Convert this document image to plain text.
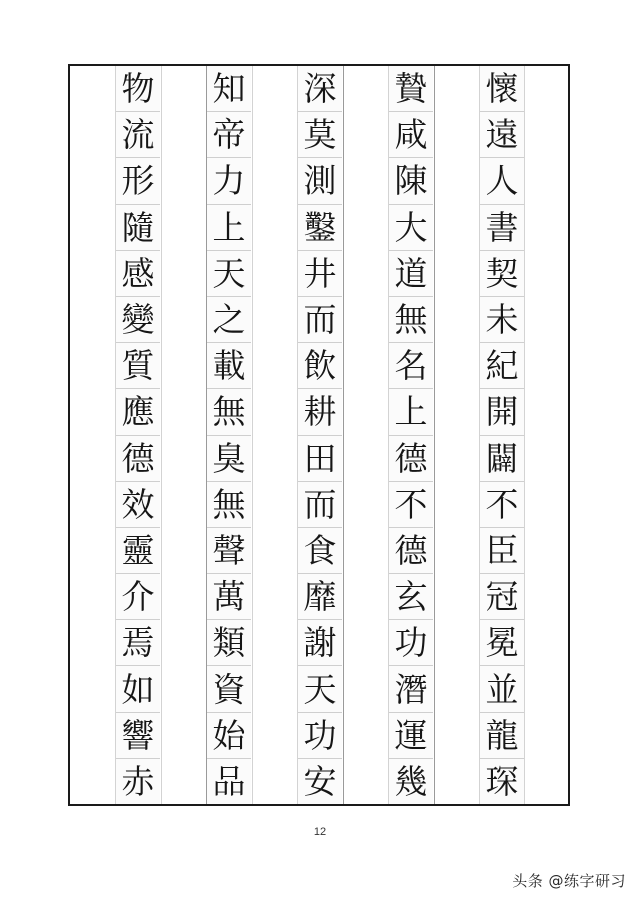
懷
遠
人
書
契
未
紀
開
闢
不
臣
冠
冕
並
龍
琛
贄
咸
陳
大
道
無
名
上
德
不
德
玄
功
潛
運
幾
深
莫
測
鑿
井
而
飲
耕
田
而
食
靡
謝
天
功
安
知
帝
力
上
天
之
載
無
臭
無
聲
萬
類
資
始
品
物
流
形
隨
感
變
質
應
德
效
靈
介
焉
如
響
赤
12
头条 @练字研习
